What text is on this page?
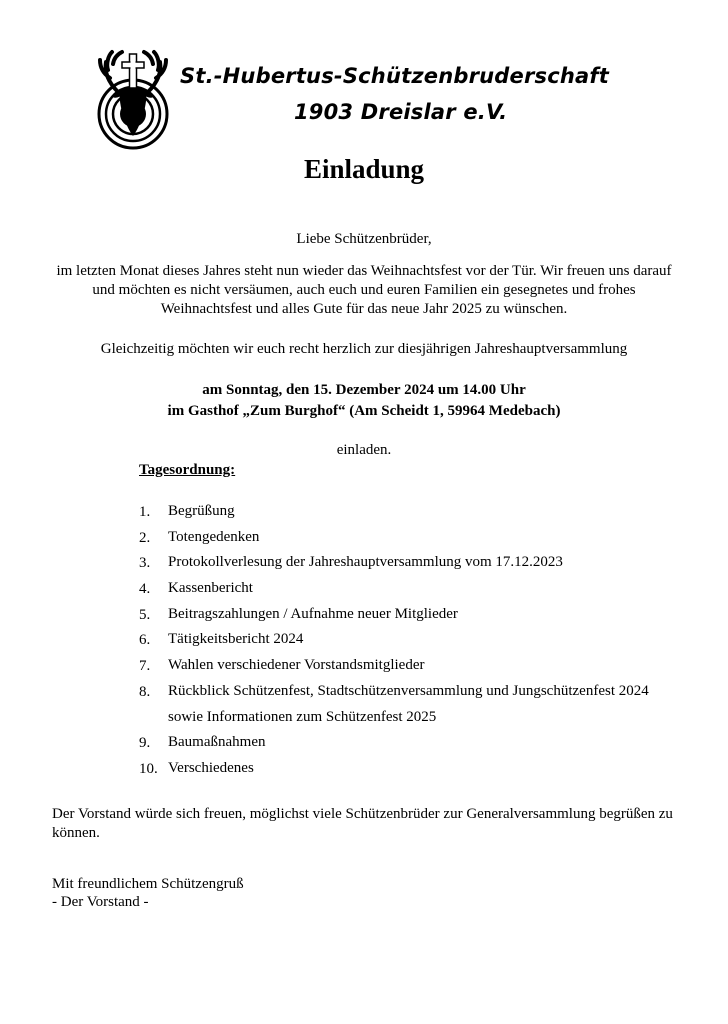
St.-Hubertus-Schützenbruderschaft

1903 Dreislar e.V.

Einladung

Liebe Schützenbrüder,

im letzten Monat dieses Jahres steht nun wieder das Weihnachtsfest vor der Tür. Wir freuen uns darauf
und möchten es nicht versäumen, auch euch und euren Familien ein gesegnetes und frohes
Weihnachtsfest und alles Gute für das neue Jahr 2025 zu wünschen.

Gleichzeitig möchten wir euch recht herzlich zur diesjährigen Jahreshauptversammlung

am Sonntag, den 15. Dezember 2024 um 14.00 Uhr
im Gasthof „Zum Burghof“ (Am Scheidt 1, 59964 Medebach)

einladen.

Tagesordnung:

1. Begrüßung
2. Totengedenken
3. Protokollverlesung der Jahreshauptversammlung vom 17.12.2023
4. Kassenbericht
5. Beitragszahlungen / Aufnahme neuer Mitglieder
6. Tätigkeitsbericht 2024
7. Wahlen verschiedener Vorstandsmitglieder
8. Rückblick Schützenfest, Stadtschützenversammlung und Jungschützenfest 2024
sowie Informationen zum Schützenfest 2025
9. Baumaßnahmen
10. Verschiedenes

Der Vorstand würde sich freuen, möglichst viele Schützenbrüder zur Generalversammlung begrüßen zu können.

Mit freundlichem Schützengruß

- Der Vorstand -
